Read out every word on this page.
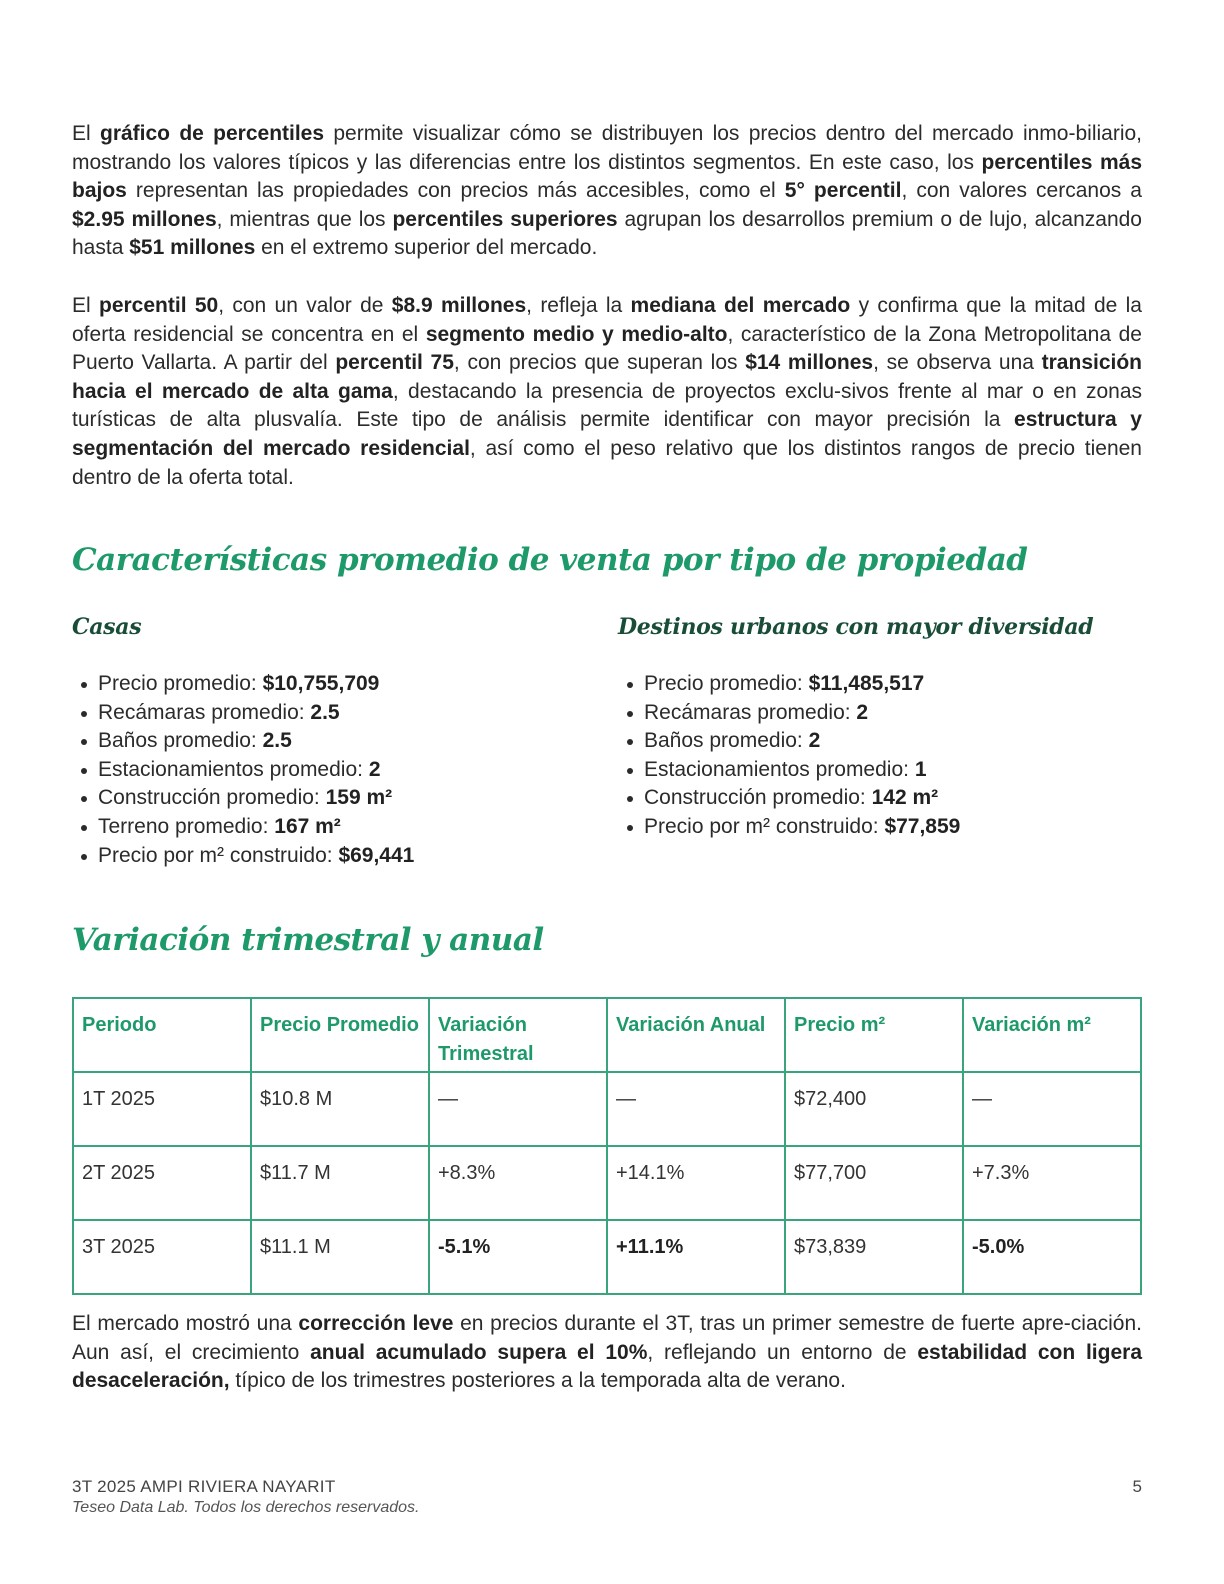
El gráfico de percentiles permite visualizar cómo se distribuyen los precios dentro del mercado inmo-biliario, mostrando los valores típicos y las diferencias entre los distintos segmentos. En este caso, los percentiles más bajos representan las propiedades con precios más accesibles, como el 5° percentil, con valores cercanos a $2.95 millones, mientras que los percentiles superiores agrupan los desarrollos premium o de lujo, alcanzando hasta $51 millones en el extremo superior del mercado.

El percentil 50, con un valor de $8.9 millones, refleja la mediana del mercado y confirma que la mitad de la oferta residencial se concentra en el segmento medio y medio-alto, característico de la Zona Metropolitana de Puerto Vallarta. A partir del percentil 75, con precios que superan los $14 millones, se observa una transición hacia el mercado de alta gama, destacando la presencia de proyectos exclu-sivos frente al mar o en zonas turísticas de alta plusvalía. Este tipo de análisis permite identificar con mayor precisión la estructura y segmentación del mercado residencial, así como el peso relativo que los distintos rangos de precio tienen dentro de la oferta total.

Características promedio de venta por tipo de propiedad
Casas
Precio promedio: $10,755,709
Recámaras promedio: 2.5
Baños promedio: 2.5
Estacionamientos promedio: 2
Construcción promedio: 159 m²
Terreno promedio: 167 m²
Precio por m² construido: $69,441
Destinos urbanos con mayor diversidad
Precio promedio: $11,485,517
Recámaras promedio: 2
Baños promedio: 2
Estacionamientos promedio: 1
Construcción promedio: 142 m²
Precio por m² construido: $77,859
Variación trimestral y anual
Periodo	Precio Promedio	Variación Trimestral	Variación Anual	Precio m²	Variación m²
1T 2025	$10.8 M	—	—	$72,400	—
2T 2025	$11.7 M	+8.3%	+14.1%	$77,700	+7.3%
3T 2025	$11.1 M	-5.1%	+11.1%	$73,839	-5.0%

El mercado mostró una corrección leve en precios durante el 3T, tras un primer semestre de fuerte apre-ciación. Aun así, el crecimiento anual acumulado supera el 10%, reflejando un entorno de estabilidad con ligera desaceleración, típico de los trimestres posteriores a la temporada alta de verano.

3T 2025 AMPI RIVIERA NAYARIT
Teseo Data Lab. Todos los derechos reservados.
5
